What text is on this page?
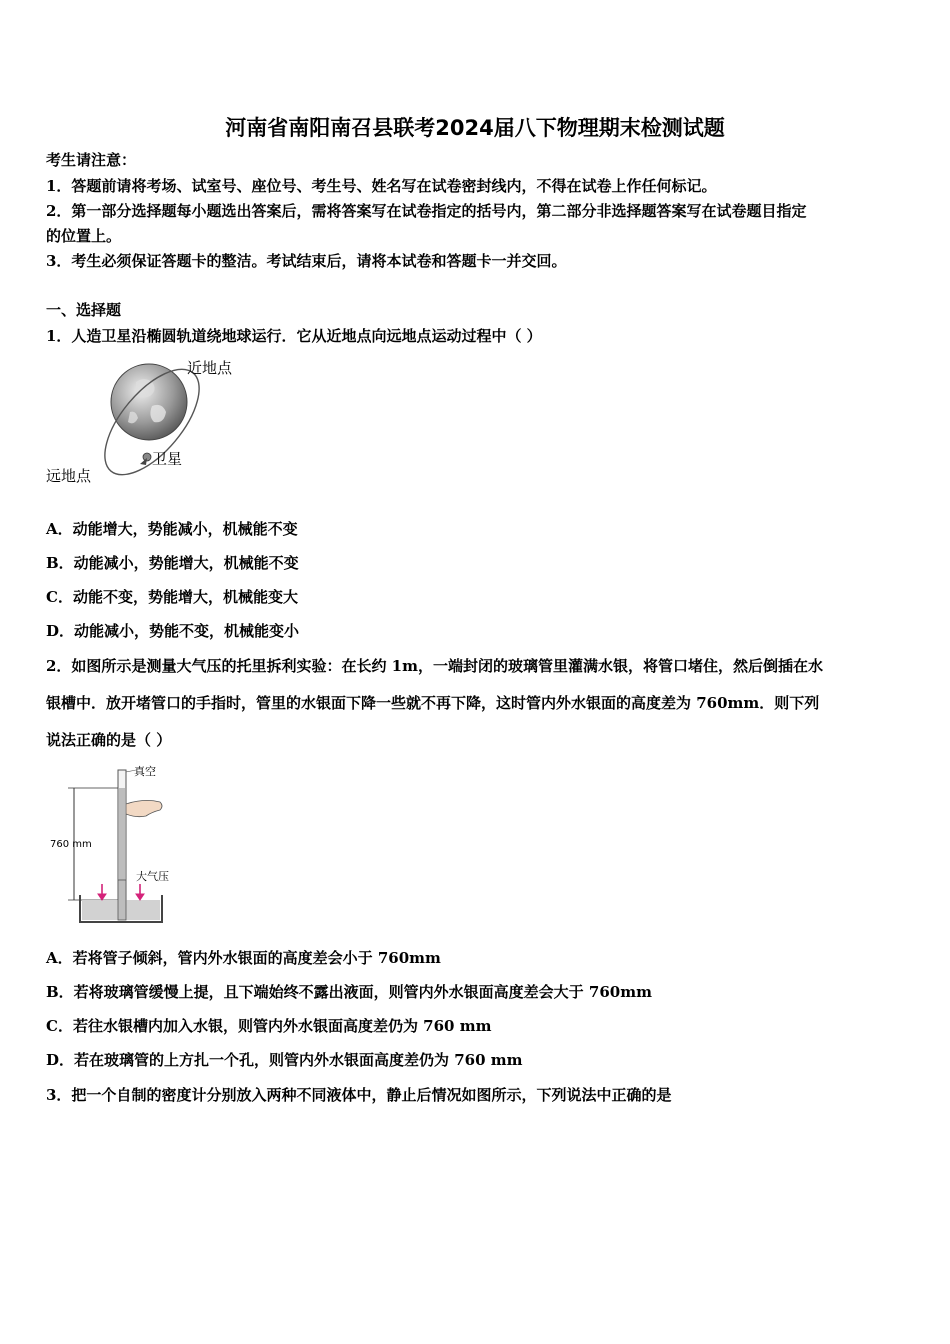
河南省南阳南召县联考2024届八下物理期末检测试题
考生请注意：
1．答题前请将考场、试室号、座位号、考生号、姓名写在试卷密封线内，不得在试卷上作任何标记。
2．第一部分选择题每小题选出答案后，需将答案写在试卷指定的括号内，第二部分非选择题答案写在试卷题目指定
的位置上。
3．考生必须保证答题卡的整洁。考试结束后，请将本试卷和答题卡一并交回。
一、选择题
1．人造卫星沿椭圆轨道绕地球运行．它从近地点向远地点运动过程中（ ）
近地点
卫星
远地点
A．动能增大，势能减小，机械能不变
B．动能减小，势能增大，机械能不变
C．动能不变，势能增大，机械能变大
D．动能减小，势能不变，机械能变小
2．如图所示是测量大气压的托里拆利实验：在长约 1m，一端封闭的玻璃管里灌满水银，将管口堵住，然后倒插在水
银槽中．放开堵管口的手指时，管里的水银面下降一些就不再下降，这时管内外水银面的高度差为 760mm．则下列
说法正确的是（ ）
760 mm
真空
大气压
A．若将管子倾斜，管内外水银面的高度差会小于 760mm
B．若将玻璃管缓慢上提，且下端始终不露出液面，则管内外水银面高度差会大于 760mm
C．若往水银槽内加入水银，则管内外水银面高度差仍为 760 mm
D．若在玻璃管的上方扎一个孔，则管内外水银面高度差仍为 760 mm
3．把一个自制的密度计分别放入两种不同液体中，静止后情况如图所示，下列说法中正确的是
